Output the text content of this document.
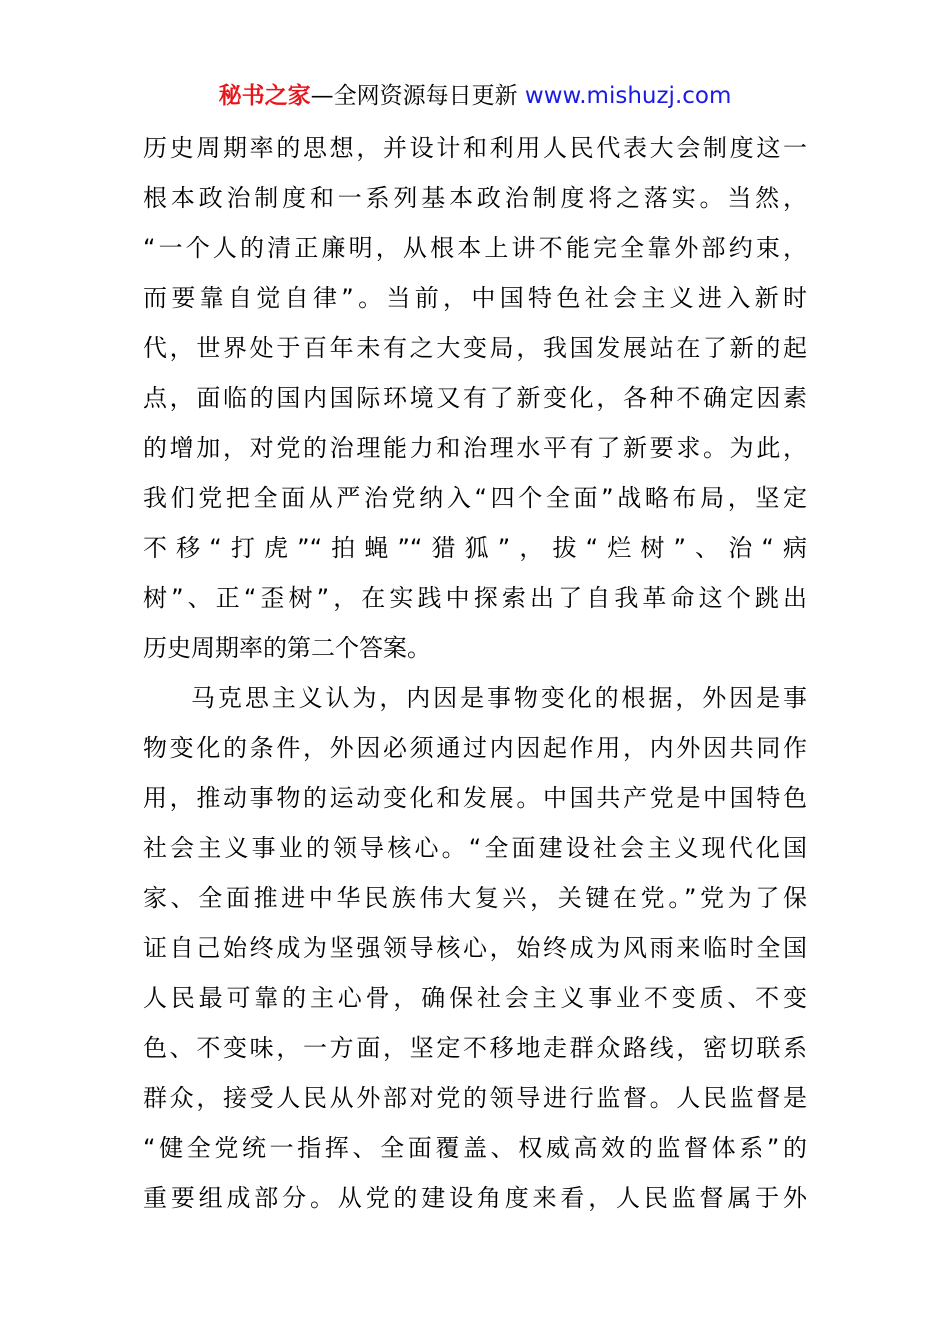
秘书之家—全网资源每日更新 www.mishuzj.com
历史周期率的思想，并设计和利用人民代表大会制度这一
根本政治制度和一系列基本政治制度将之落实。当然，
“一个人的清正廉明，从根本上讲不能完全靠外部约束，
而要靠自觉自律”。当前，中国特色社会主义进入新时
代，世界处于百年未有之大变局，我国发展站在了新的起
点，面临的国内国际环境又有了新变化，各种不确定因素
的增加，对党的治理能力和治理水平有了新要求。为此，
我们党把全面从严治党纳入“四个全面”战略布局，坚定
不移“打虎”“拍蝇”“猎狐”，拔“烂树”、治“病
树”、正“歪树”，在实践中探索出了自我革命这个跳出
历史周期率的第二个答案。
马克思主义认为，内因是事物变化的根据，外因是事
物变化的条件，外因必须通过内因起作用，内外因共同作
用，推动事物的运动变化和发展。中国共产党是中国特色
社会主义事业的领导核心。“全面建设社会主义现代化国
家、全面推进中华民族伟大复兴，关键在党。”党为了保
证自己始终成为坚强领导核心，始终成为风雨来临时全国
人民最可靠的主心骨，确保社会主义事业不变质、不变
色、不变味，一方面，坚定不移地走群众路线，密切联系
群众，接受人民从外部对党的领导进行监督。人民监督是
“健全党统一指挥、全面覆盖、权威高效的监督体系”的
重要组成部分。从党的建设角度来看，人民监督属于外
